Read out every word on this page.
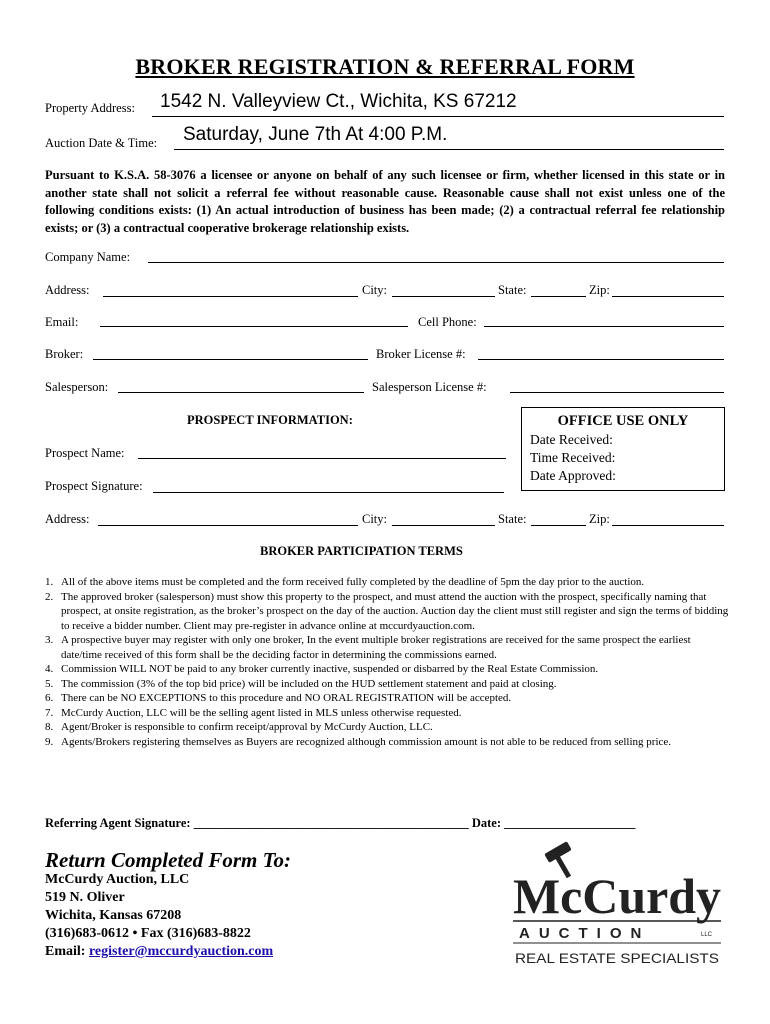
BROKER REGISTRATION & REFERRAL FORM
Property Address: 1542 N. Valleyview Ct., Wichita, KS 67212
Auction Date & Time: Saturday, June 7th At 4:00 P.M.
Pursuant to K.S.A. 58-3076 a licensee or anyone on behalf of any such licensee or firm, whether licensed in this state or in another state shall not solicit a referral fee without reasonable cause. Reasonable cause shall not exist unless one of the following conditions exists: (1) An actual introduction of business has been made; (2) a contractual referral fee relationship exists; or (3) a contractual cooperative brokerage relationship exists.
Company Name:
Address:	City:	State:	Zip:
Email:	Cell Phone:
Broker:	Broker License #:
Salesperson:	Salesperson License #:
PROSPECT INFORMATION:
Prospect Name:
Prospect Signature:
OFFICE USE ONLY
Date Received:
Time Received:
Date Approved:
Address:	City:	State:	Zip:
BROKER PARTICIPATION TERMS
1. All of the above items must be completed and the form received fully completed by the deadline of 5pm the day prior to the auction.
2. The approved broker (salesperson) must show this property to the prospect, and must attend the auction with the prospect, specifically naming that prospect, at onsite registration, as the broker’s prospect on the day of the auction. Auction day the client must still register and sign the terms of bidding to receive a bidder number. Client may pre-register in advance online at mccurdyauction.com.
3. A prospective buyer may register with only one broker, In the event multiple broker registrations are received for the same prospect the earliest date/time received of this form shall be the deciding factor in determining the commissions earned.
4. Commission WILL NOT be paid to any broker currently inactive, suspended or disbarred by the Real Estate Commission.
5. The commission (3% of the top bid price) will be included on the HUD settlement statement and paid at closing.
6. There can be NO EXCEPTIONS to this procedure and NO ORAL REGISTRATION will be accepted.
7. McCurdy Auction, LLC will be the selling agent listed in MLS unless otherwise requested.
8. Agent/Broker is responsible to confirm receipt/approval by McCurdy Auction, LLC.
9. Agents/Brokers registering themselves as Buyers are recognized although commission amount is not able to be reduced from selling price.
Referring Agent Signature: ____________________________________________ Date: _____________________
Return Completed Form To:
McCurdy Auction, LLC
519 N. Oliver
Wichita, Kansas 67208
(316)683-0612 • Fax (316)683-8822
Email: register@mccurdyauction.com
McCurdy
AUCTION	LLC
REAL ESTATE SPECIALISTS
